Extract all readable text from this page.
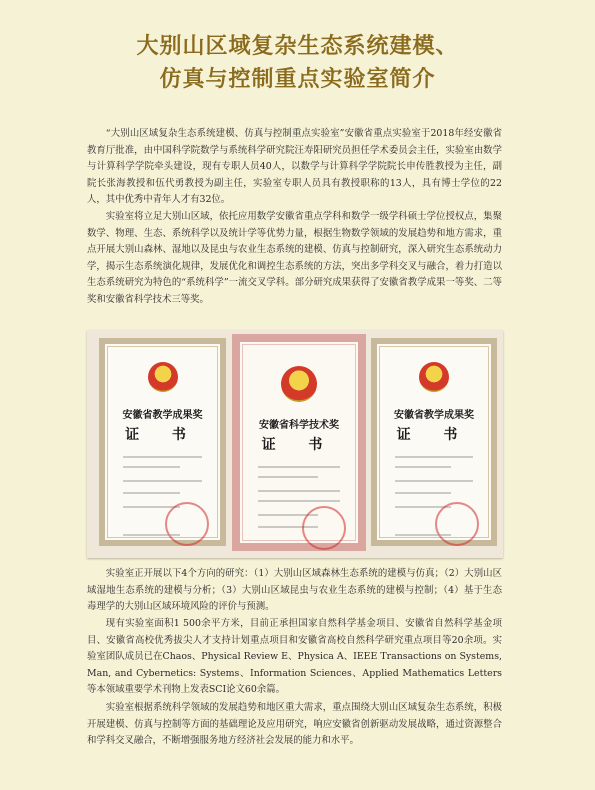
大别山区域复杂生态系统建模、
仿真与控制重点实验室简介

“大别山区域复杂生态系统建模、仿真与控制重点实验室”安徽省重点实验室于2018年经安徽省教育厅批准，由中国科学院数学与系统科学研究院汪寿阳研究员担任学术委员会主任，实验室由数学与计算科学学院牵头建设，现有专职人员40人，以数学与计算科学学院院长申传胜教授为主任，副院长张海教授和伍代勇教授为副主任，实验室专职人员具有教授职称的13人，具有博士学位的22人，其中优秀中青年人才有32位。

实验室将立足大别山区域，依托应用数学安徽省重点学科和数学一级学科硕士学位授权点，集聚数学、物理、生态、系统科学以及统计学等优势力量，根据生物数学领域的发展趋势和地方需求，重点开展大别山森林、湿地以及昆虫与农业生态系统的建模、仿真与控制研究，深入研究生态系统动力学，揭示生态系统演化规律，发展优化和调控生态系统的方法，突出多学科交叉与融合，着力打造以生态系统研究为特色的“系统科学”一流交叉学科。部分研究成果获得了安徽省教学成果一等奖、二等奖和安徽省科学技术三等奖。

安徽省教学成果奖
证 书
安徽省科学技术奖
证 书
安徽省教学成果奖
证 书

实验室正开展以下4个方向的研究：（1）大别山区域森林生态系统的建模与仿真；（2）大别山区域湿地生态系统的建模与分析；（3）大别山区域昆虫与农业生态系统的建模与控制；（4）基于生态毒理学的大别山区域环境风险的评价与预测。

现有实验室面积1 500余平方米，目前正承担国家自然科学基金项目、安徽省自然科学基金项目、安徽省高校优秀拔尖人才支持计划重点项目和安徽省高校自然科学研究重点项目等20余项。实验室团队成员已在Chaos、Physical Review E、Physica A、IEEE Transactions on Systems, Man, and Cybernetics: Systems、Information Sciences、Applied Mathematics Letters等本领域重要学术刊物上发表SCI论文60余篇。

实验室根据系统科学领域的发展趋势和地区重大需求，重点围绕大别山区域复杂生态系统，积极开展建模、仿真与控制等方面的基础理论及应用研究，响应安徽省创新驱动发展战略，通过资源整合和学科交叉融合，不断增强服务地方经济社会发展的能力和水平。
